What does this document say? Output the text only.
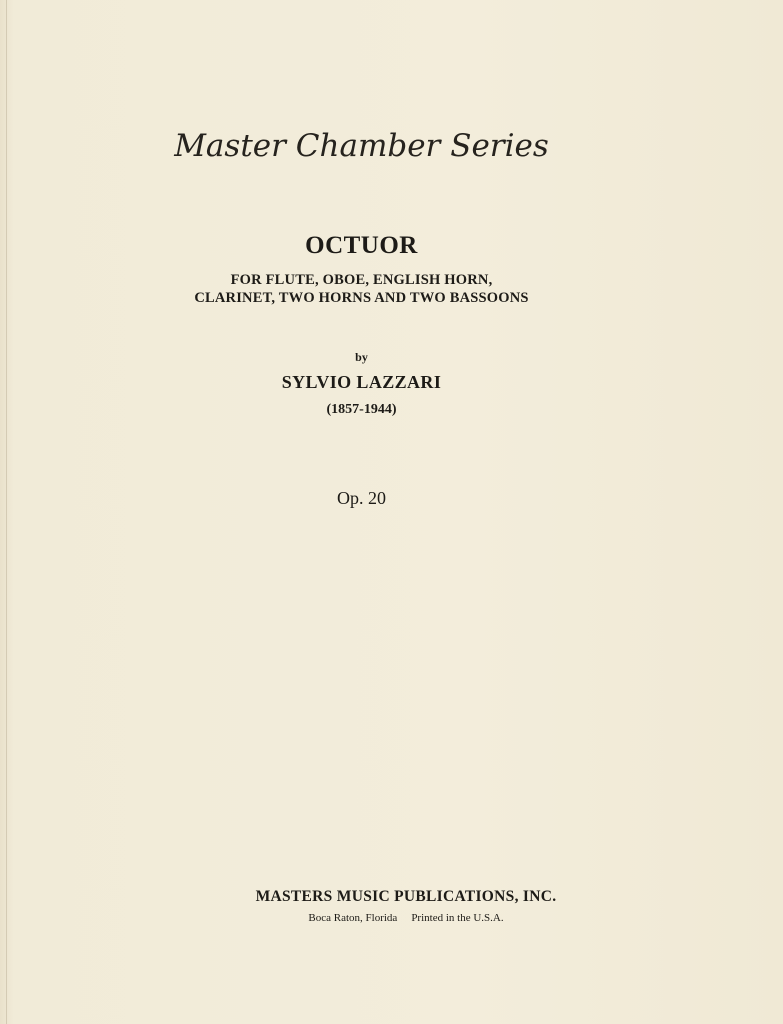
Master Chamber Series
OCTUOR
FOR FLUTE, OBOE, ENGLISH HORN,
CLARINET, TWO HORNS AND TWO BASSOONS
by
SYLVIO LAZZARI
(1857-1944)
Op. 20
MASTERS MUSIC PUBLICATIONS, INC.
Boca Raton, Florida Printed in the U.S.A.
